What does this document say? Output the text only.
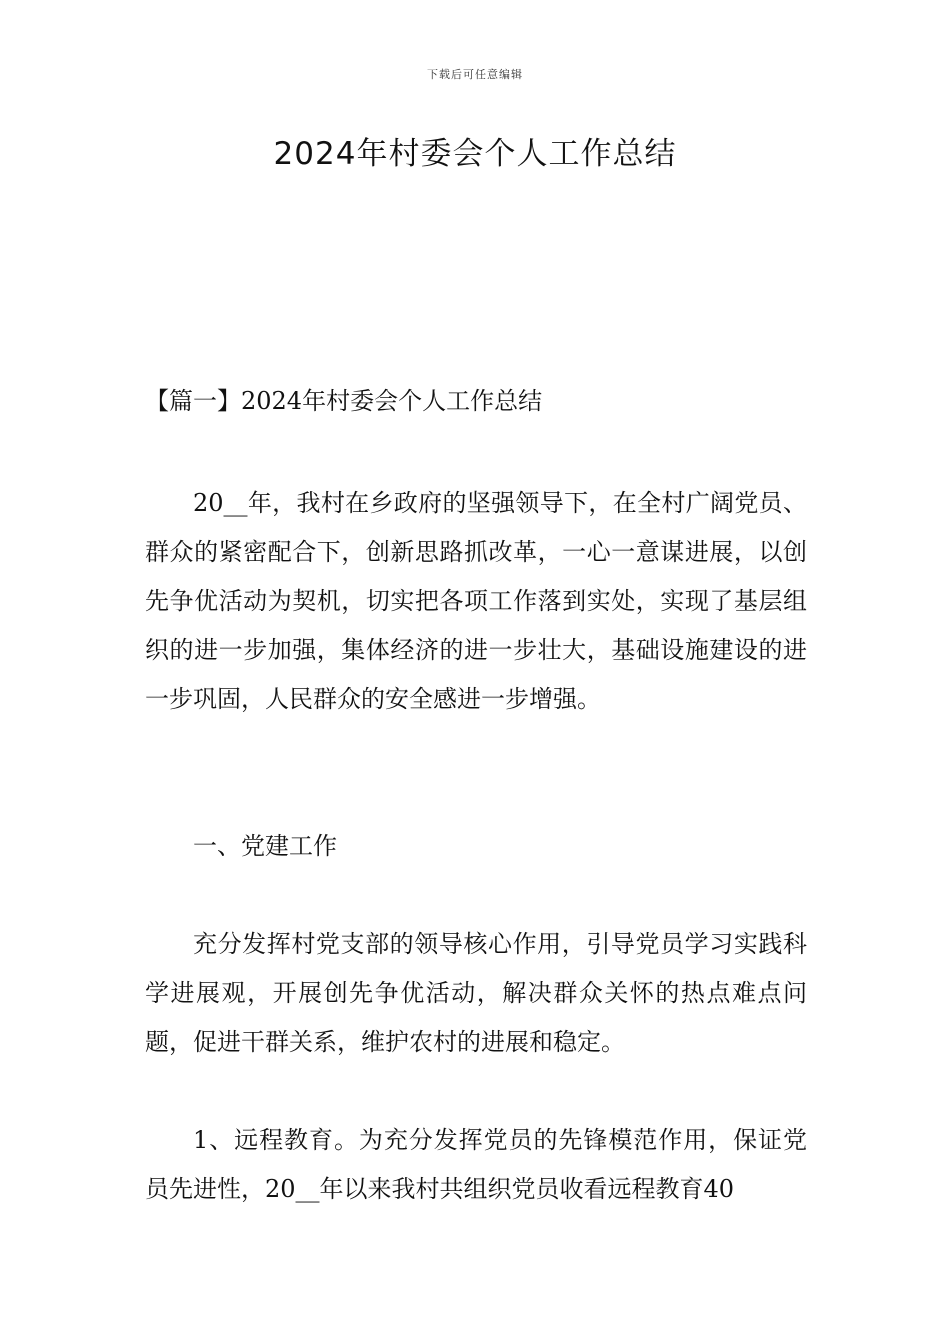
下载后可任意编辑
2024年村委会个人工作总结
【篇一】2024年村委会个人工作总结

20__年，我村在乡政府的坚强领导下，在全村广阔党员、群众的紧密配合下，创新思路抓改革，一心一意谋进展，以创先争优活动为契机，切实把各项工作落到实处，实现了基层组织的进一步加强，集体经济的进一步壮大，基础设施建设的进一步巩固，人民群众的安全感进一步增强。

一、党建工作

充分发挥村党支部的领导核心作用，引导党员学习实践科学进展观，开展创先争优活动，解决群众关怀的热点难点问题，促进干群关系，维护农村的进展和稳定。

1、远程教育。为充分发挥党员的先锋模范作用，保证党员先进性，20__年以来我村共组织党员收看远程教育40
